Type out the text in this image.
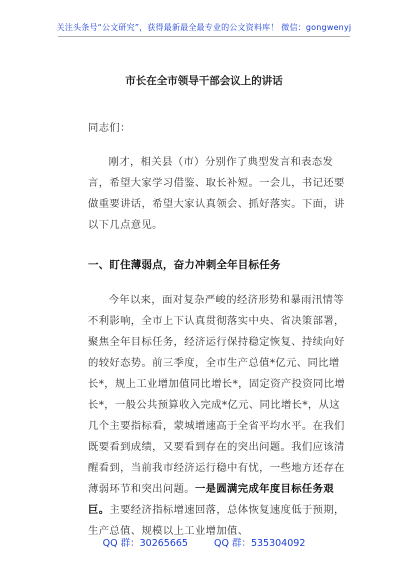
关注头条号“公文研究”，获得最新最全最专业的公文资料库！ 微信：gongwenyj
市长在全市领导干部会议上的讲话
同志们：
刚才，相关县（市）分别作了典型发言和表态发言，希望大家学习借鉴、取长补短。一会儿，书记还要做重要讲话，希望大家认真领会、抓好落实。下面，讲以下几点意见。
一、盯住薄弱点，奋力冲刺全年目标任务
今年以来，面对复杂严峻的经济形势和暴雨汛情等不利影响，全市上下认真贯彻落实中央、省决策部署，聚焦全年目标任务，经济运行保持稳定恢复、持续向好的较好态势。前三季度，全市生产总值*亿元、同比增长*，规上工业增加值同比增长*，固定资产投资同比增长*，一般公共预算收入完成*亿元、同比增长*，从这几个主要指标看，蒙城增速高于全省平均水平。在我们既要看到成绩，又要看到存在的突出问题。我们应该清醒看到，当前我市经济运行稳中有忧，一些地方还存在薄弱环节和突出问题。一是圆满完成年度目标任务艰巨。主要经济指标增速回落，总体恢复速度低于预期，生产总值、规模以上工业增加值、
QQ 群：30265665	QQ 群：535304092
